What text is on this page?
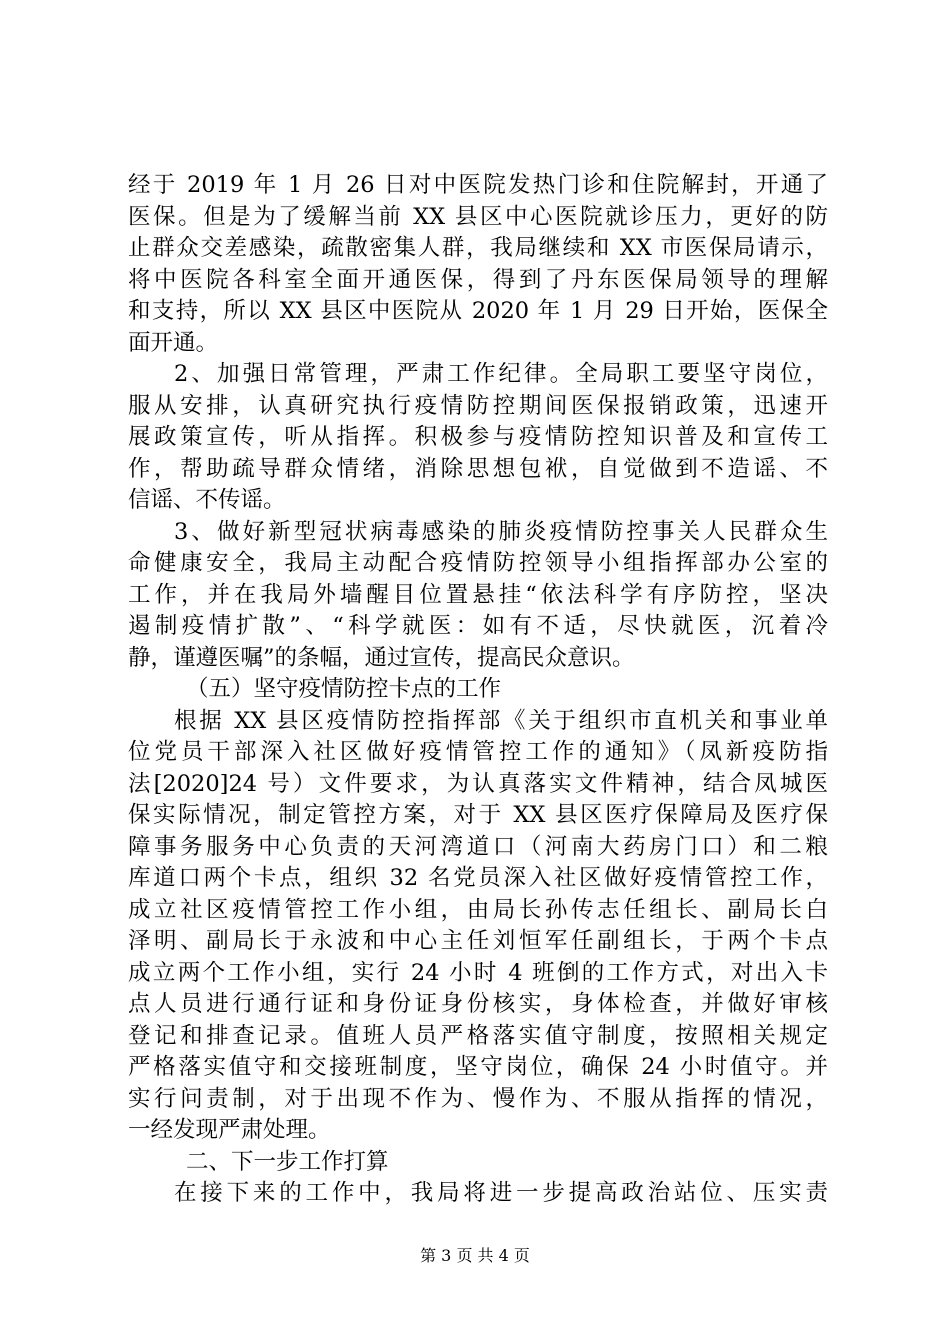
经于 2019 年 1 月 26 日对中医院发热门诊和住院解封，开通了
医保。但是为了缓解当前 XX 县区中心医院就诊压力，更好的防
止群众交差感染，疏散密集人群，我局继续和 XX 市医保局请示，
将中医院各科室全面开通医保，得到了丹东医保局领导的理解
和支持，所以 XX 县区中医院从 2020 年 1 月 29 日开始，医保全
面开通。
2、加强日常管理，严肃工作纪律。全局职工要坚守岗位，
服从安排，认真研究执行疫情防控期间医保报销政策，迅速开
展政策宣传，听从指挥。积极参与疫情防控知识普及和宣传工
作，帮助疏导群众情绪，消除思想包袱，自觉做到不造谣、不
信谣、不传谣。
3、做好新型冠状病毒感染的肺炎疫情防控事关人民群众生
命健康安全，我局主动配合疫情防控领导小组指挥部办公室的
工作，并在我局外墙醒目位置悬挂“依法科学有序防控，坚决
遏制疫情扩散”、“科学就医：如有不适，尽快就医，沉着冷
静，谨遵医嘱”的条幅，通过宣传，提高民众意识。
（五）坚守疫情防控卡点的工作
根据 XX 县区疫情防控指挥部《关于组织市直机关和事业单
位党员干部深入社区做好疫情管控工作的通知》（凤新疫防指
法[2020]24 号）文件要求，为认真落实文件精神，结合凤城医
保实际情况，制定管控方案，对于 XX 县区医疗保障局及医疗保
障事务服务中心负责的天河湾道口（河南大药房门口）和二粮
库道口两个卡点，组织 32 名党员深入社区做好疫情管控工作，
成立社区疫情管控工作小组，由局长孙传志任组长、副局长白
泽明、副局长于永波和中心主任刘恒军任副组长，于两个卡点
成立两个工作小组，实行 24 小时 4 班倒的工作方式，对出入卡
点人员进行通行证和身份证身份核实，身体检查，并做好审核
登记和排查记录。值班人员严格落实值守制度，按照相关规定
严格落实值守和交接班制度，坚守岗位，确保 24 小时值守。并
实行问责制，对于出现不作为、慢作为、不服从指挥的情况，
一经发现严肃处理。
二、下一步工作打算
在接下来的工作中，我局将进一步提高政治站位、压实责
第 3 页 共 4 页
